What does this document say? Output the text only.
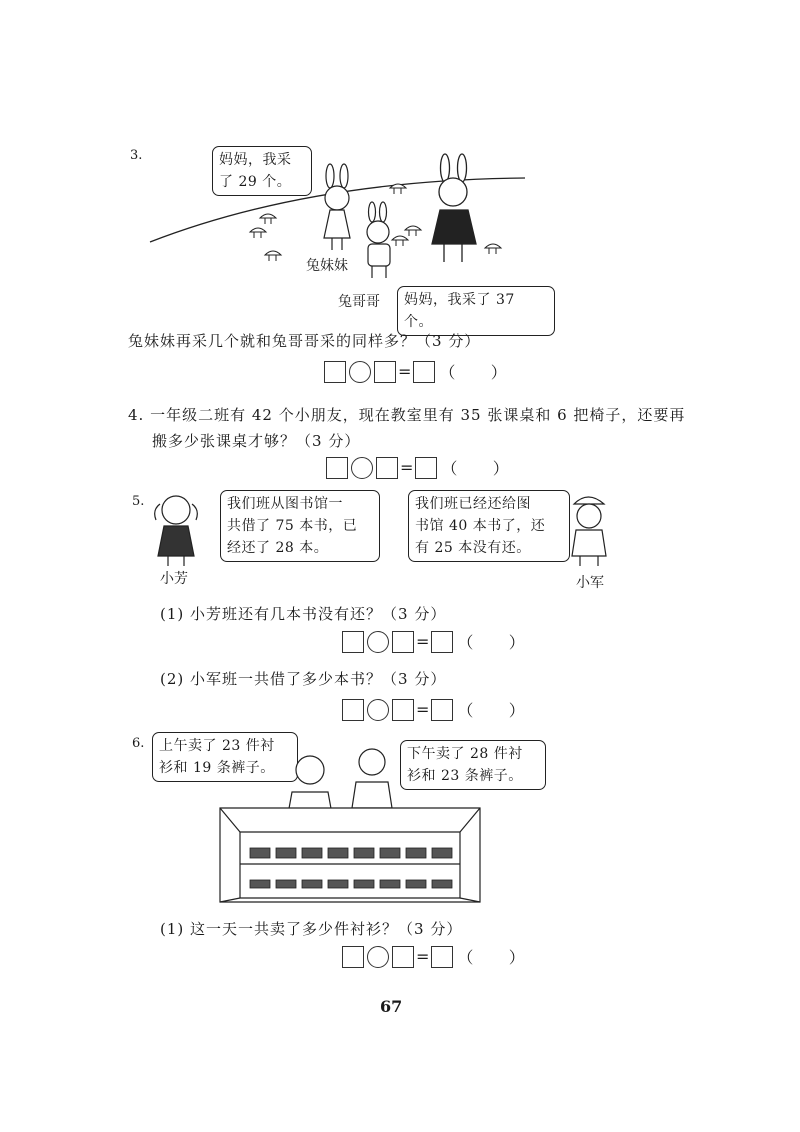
3.	妈妈，我采
了 29 个。
兔妹妹
兔哥哥	妈妈，我采了 37 个。
兔妹妹再采几个就和兔哥哥采的同样多？（3 分）
= （    ）
4. 一年级二班有 42 个小朋友，现在教室里有 35 张课桌和 6 把椅子，还要再
搬多少张课桌才够？（3 分）
= （    ）
5.	我们班从图书馆一
共借了 75 本书，已
经还了 28 本。
小芳
我们班已经还给图
书馆 40 本书了，还
有 25 本没有还。
小军
(1) 小芳班还有几本书没有还？（3 分）
= （    ）
(2) 小军班一共借了多少本书？（3 分）
= （    ）
6.	上午卖了 23 件衬
衫和 19 条裤子。
下午卖了 28 件衬
衫和 23 条裤子。
(1) 这一天一共卖了多少件衬衫？（3 分）
= （    ）
67
